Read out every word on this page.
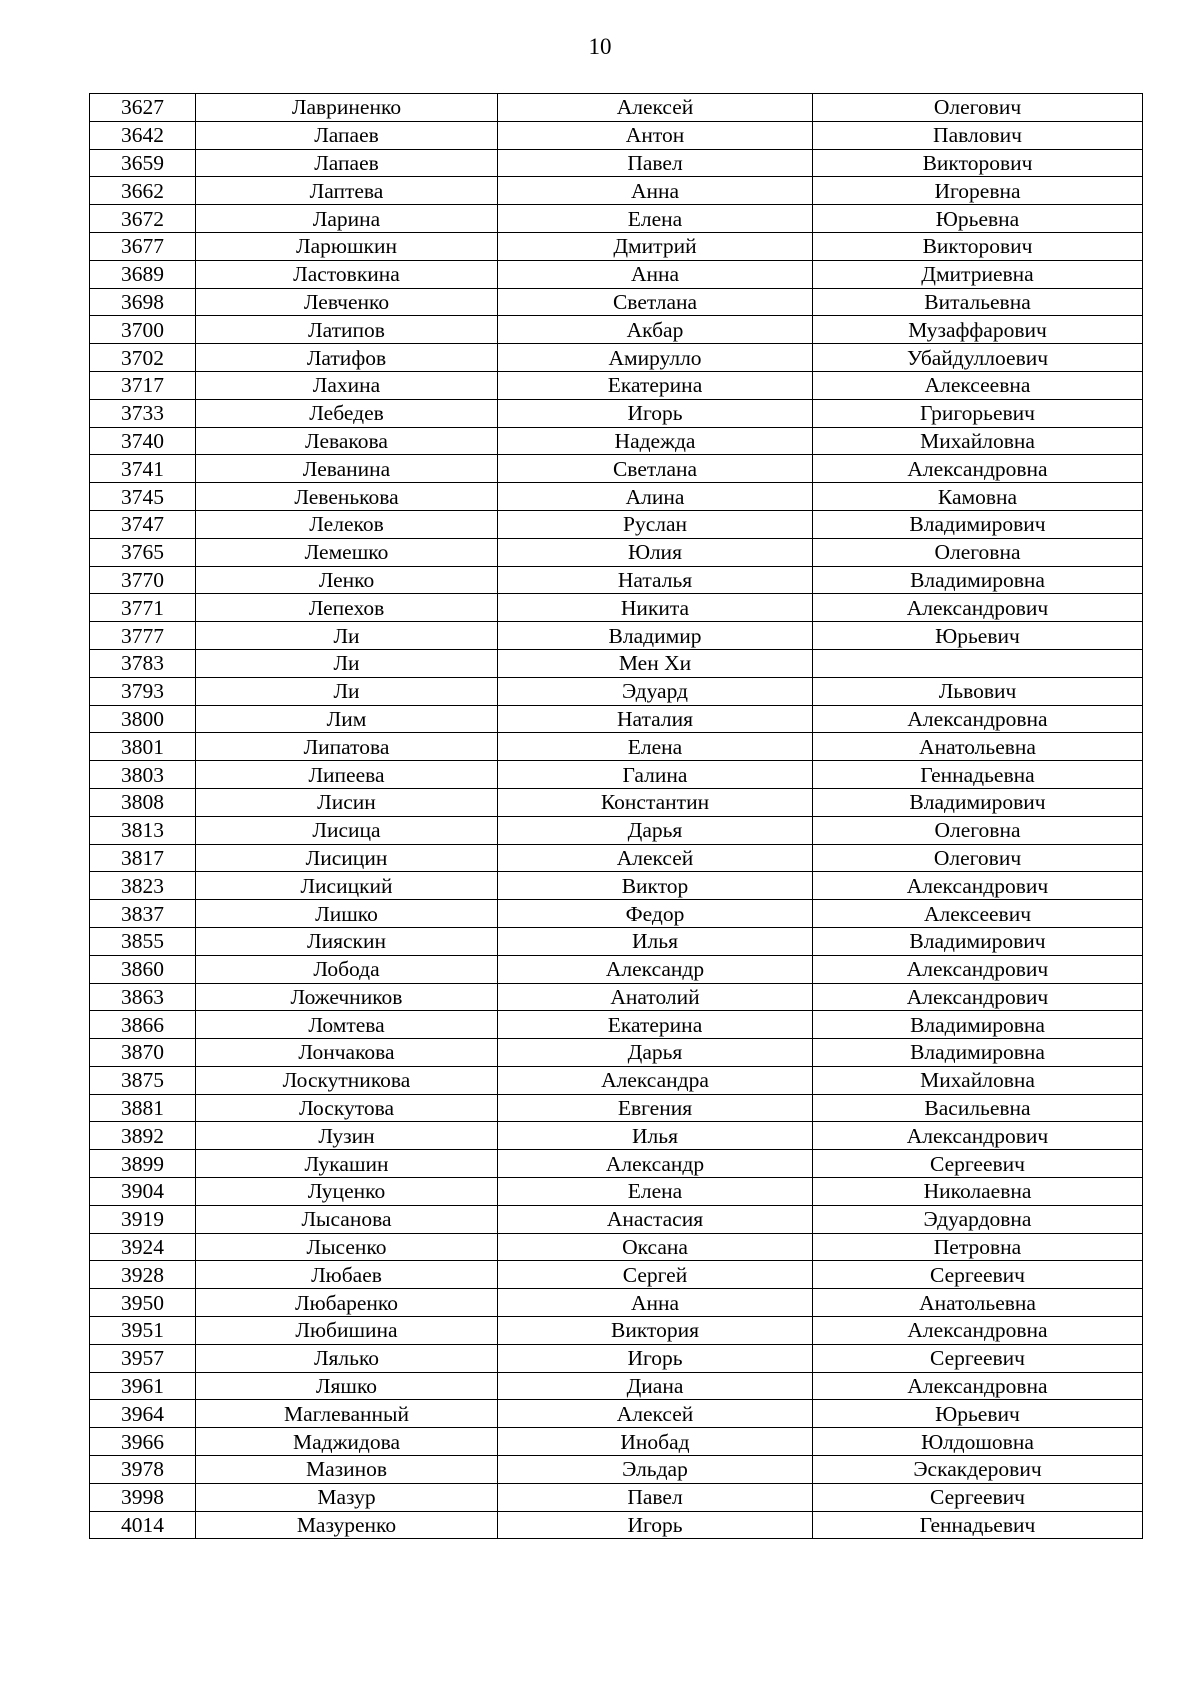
10
3627	Лавриненко	Алексей	Олегович
3642	Лапаев	Антон	Павлович
3659	Лапаев	Павел	Викторович
3662	Лаптева	Анна	Игоревна
3672	Ларина	Елена	Юрьевна
3677	Ларюшкин	Дмитрий	Викторович
3689	Ластовкина	Анна	Дмитриевна
3698	Левченко	Светлана	Витальевна
3700	Латипов	Акбар	Музаффарович
3702	Латифов	Амирулло	Убайдуллоевич
3717	Лахина	Екатерина	Алексеевна
3733	Лебедев	Игорь	Григорьевич
3740	Левакова	Надежда	Михайловна
3741	Леванина	Светлана	Александровна
3745	Левенькова	Алина	Камовна
3747	Лелеков	Руслан	Владимирович
3765	Лемешко	Юлия	Олеговна
3770	Ленко	Наталья	Владимировна
3771	Лепехов	Никита	Александрович
3777	Ли	Владимир	Юрьевич
3783	Ли	Мен Хи	
3793	Ли	Эдуард	Львович
3800	Лим	Наталия	Александровна
3801	Липатова	Елена	Анатольевна
3803	Липеева	Галина	Геннадьевна
3808	Лисин	Константин	Владимирович
3813	Лисица	Дарья	Олеговна
3817	Лисицин	Алексей	Олегович
3823	Лисицкий	Виктор	Александрович
3837	Лишко	Федор	Алексеевич
3855	Лияскин	Илья	Владимирович
3860	Лобода	Александр	Александрович
3863	Ложечников	Анатолий	Александрович
3866	Ломтева	Екатерина	Владимировна
3870	Лончакова	Дарья	Владимировна
3875	Лоскутникова	Александра	Михайловна
3881	Лоскутова	Евгения	Васильевна
3892	Лузин	Илья	Александрович
3899	Лукашин	Александр	Сергеевич
3904	Луценко	Елена	Николаевна
3919	Лысанова	Анастасия	Эдуардовна
3924	Лысенко	Оксана	Петровна
3928	Любаев	Сергей	Сергеевич
3950	Любаренко	Анна	Анатольевна
3951	Любишина	Виктория	Александровна
3957	Лялько	Игорь	Сергеевич
3961	Ляшко	Диана	Александровна
3964	Маглеванный	Алексей	Юрьевич
3966	Маджидова	Инобад	Юлдошовна
3978	Мазинов	Эльдар	Эскакдерович
3998	Мазур	Павел	Сергеевич
4014	Мазуренко	Игорь	Геннадьевич
